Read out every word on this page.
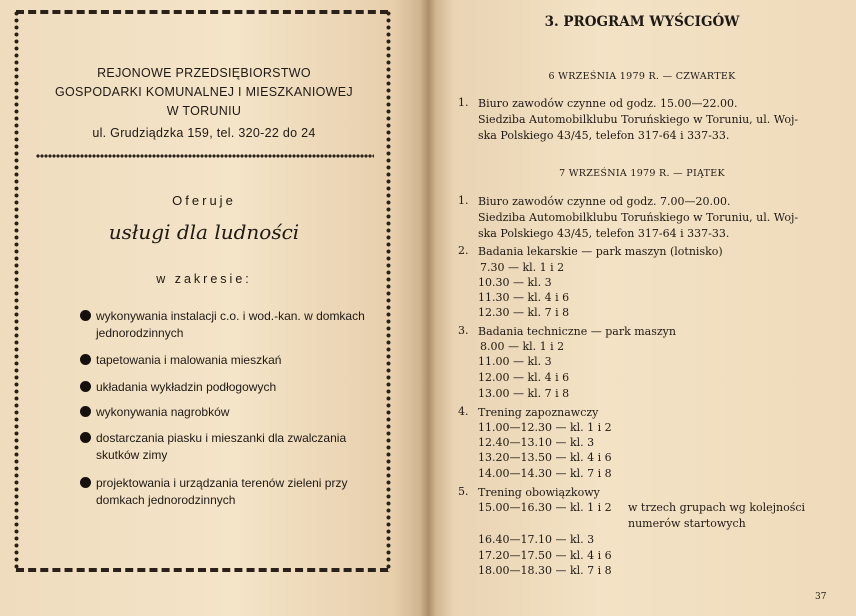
REJONOWE PRZEDSIĘBIORSTWO
GOSPODARKI KOMUNALNEJ I MIESZKANIOWEJ
W TORUNIU
ul. Grudziądzka 159, tel. 320-22 do 24
Oferuje
usługi dla ludności
w zakresie:
wykonywania instalacji c.o. i wod.-kan. w domkach jednorodzinnych
tapetowania i malowania mieszkań
układania wykładzin podłogowych
wykonywania nagrobków
dostarczania piasku i mieszanki dla zwalczania skutków zimy
projektowania i urządzania terenów zieleni przy domkach jednorodzinnych
3. PROGRAM WYŚCIGÓW
6 WRZEŚNIA 1979 R. — CZWARTEK
1. Biuro zawodów czynne od godz. 15.00—22.00.
Siedziba Automobilklubu Toruńskiego w Toruniu, ul. Woj-
ska Polskiego 43/45, telefon 317-64 i 337-33.
7 WRZEŚNIA 1979 R. — PIĄTEK
1. Biuro zawodów czynne od godz. 7.00—20.00.
Siedziba Automobilklubu Toruńskiego w Toruniu, ul. Woj-
ska Polskiego 43/45, telefon 317-64 i 337-33.
2. Badania lekarskie — park maszyn (lotnisko)
7.30 — kl. 1 i 2
10.30 — kl. 3
11.30 — kl. 4 i 6
12.30 — kl. 7 i 8
3. Badania techniczne — park maszyn
8.00 — kl. 1 i 2
11.00 — kl. 3
12.00 — kl. 4 i 6
13.00 — kl. 7 i 8
4. Trening zapoznawczy
11.00—12.30 — kl. 1 i 2
12.40—13.10 — kl. 3
13.20—13.50 — kl. 4 i 6
14.00—14.30 — kl. 7 i 8
5. Trening obowiązkowy
15.00—16.30 — kl. 1 i 2 w trzech grupach wg kolejności
numerów startowych
16.40—17.10 — kl. 3
17.20—17.50 — kl. 4 i 6
18.00—18.30 — kl. 7 i 8
37
